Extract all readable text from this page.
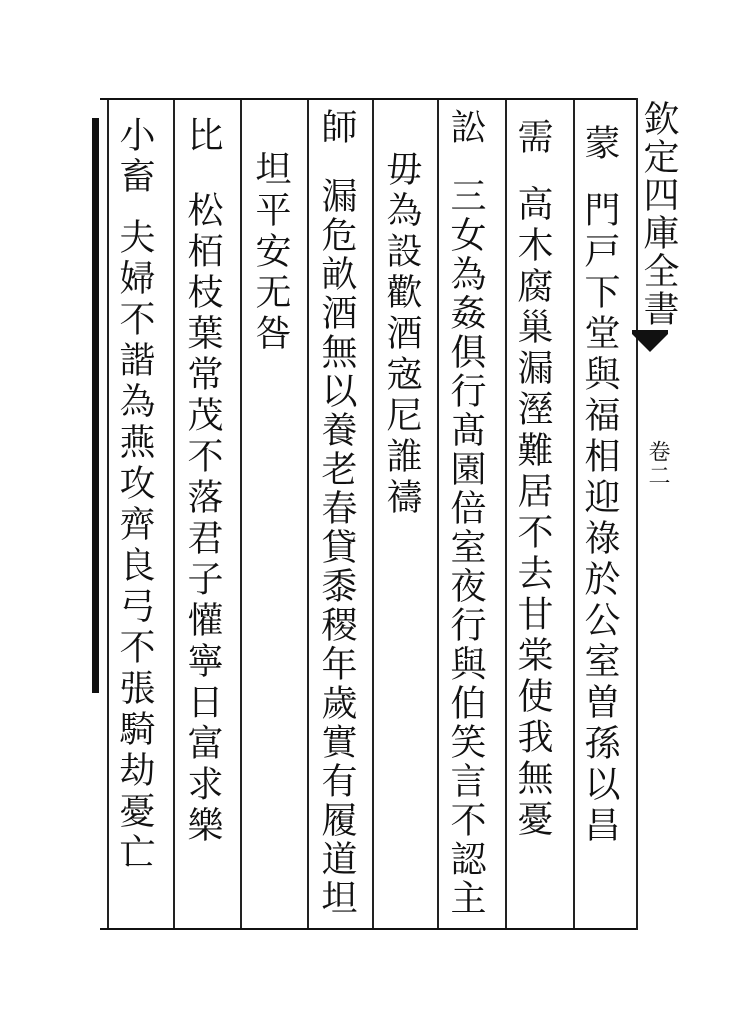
欽定四庫全書
卷二
蒙門戸下堂與福相迎祿於公室曽孫以昌
需高木腐巢漏溼難居不去甘棠使我無憂
訟三女為姦俱行髙園倍室夜行與伯笑言不認主
毋為設歡酒宼尼誰禱
師漏危畝酒無以養老春貸黍稷年歲實有履道坦
坦平安无咎
比松栢枝葉常茂不落君子懽寧日富求樂
小畜夫婦不諧為燕攻齊良弓不張騎劫憂亡
